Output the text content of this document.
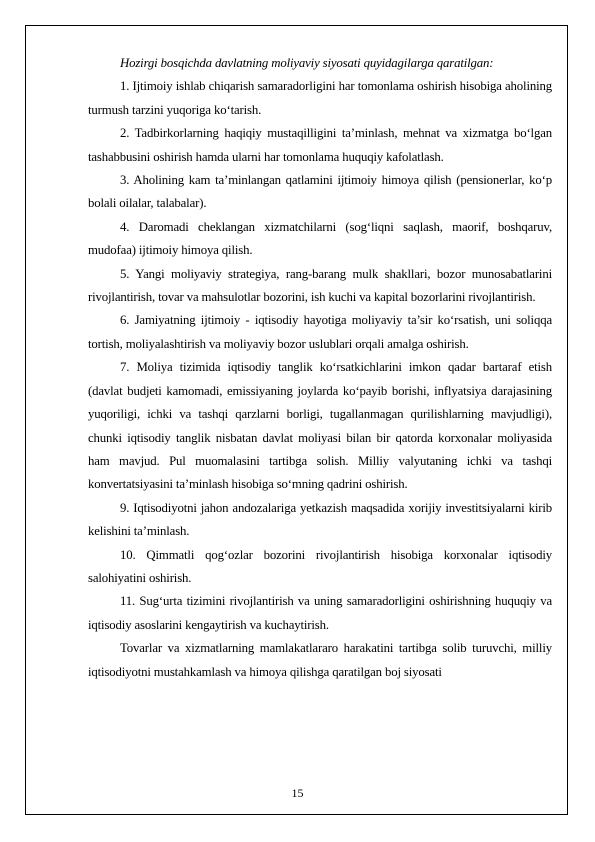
Hozirgi bosqichda davlatning moliyaviy siyosati quyidagilarga qaratilgan:

1. Ijtimoiy ishlab chiqarish samaradorligini har tomonlama oshirish hisobiga aholining turmush tarzini yuqoriga ko‘tarish.

2. Tadbirkorlarning haqiqiy mustaqilligini ta’minlash, mehnat va xizmatga bo‘lgan tashabbusini oshirish hamda ularni har tomonlama huquqiy kafolatlash.

3. Aholining kam ta’minlangan qatlamini ijtimoiy himoya qilish (pensionerlar, ko‘p bolali oilalar, talabalar).

4. Daromadi cheklangan xizmatchilarni (sog‘liqni saqlash, maorif, boshqaruv, mudofaa) ijtimoiy himoya qilish.

5. Yangi moliyaviy strategiya, rang-barang mulk shakllari, bozor munosabatlarini rivojlantirish, tovar va mahsulotlar bozorini, ish kuchi va kapital bozorlarini rivojlantirish.

6. Jamiyatning ijtimoiy - iqtisodiy hayotiga moliyaviy ta’sir ko‘rsatish, uni soliqqa tortish, moliyalashtirish va moliyaviy bozor uslublari orqali amalga oshirish.

7. Moliya tizimida iqtisodiy tanglik ko‘rsatkichlarini imkon qadar bartaraf etish (davlat budjeti kamomadi, emissiyaning joylarda ko‘payib borishi, inflyatsiya darajasining yuqoriligi, ichki va tashqi qarzlarni borligi, tugallanmagan qurilishlarning mavjudligi), chunki iqtisodiy tanglik nisbatan davlat moliyasi bilan bir qatorda korxonalar moliyasida ham mavjud. Pul muomalasini tartibga solish. Milliy valyutaning ichki va tashqi konvertatsiyasini ta’minlash hisobiga so‘mning qadrini oshirish.

9. Iqtisodiyotni jahon andozalariga yetkazish maqsadida xorijiy investitsiyalarni kirib kelishini ta’minlash.

10. Qimmatli qog‘ozlar bozorini rivojlantirish hisobiga korxonalar iqtisodiy salohiyatini oshirish.

11. Sug‘urta tizimini rivojlantirish va uning samaradorligini oshirishning huquqiy va iqtisodiy asoslarini kengaytirish va kuchaytirish.

Tovarlar va xizmatlarning mamlakatlararo harakatini tartibga solib turuvchi, milliy iqtisodiyotni mustahkamlash va himoya qilishga qaratilgan boj siyosati

15
